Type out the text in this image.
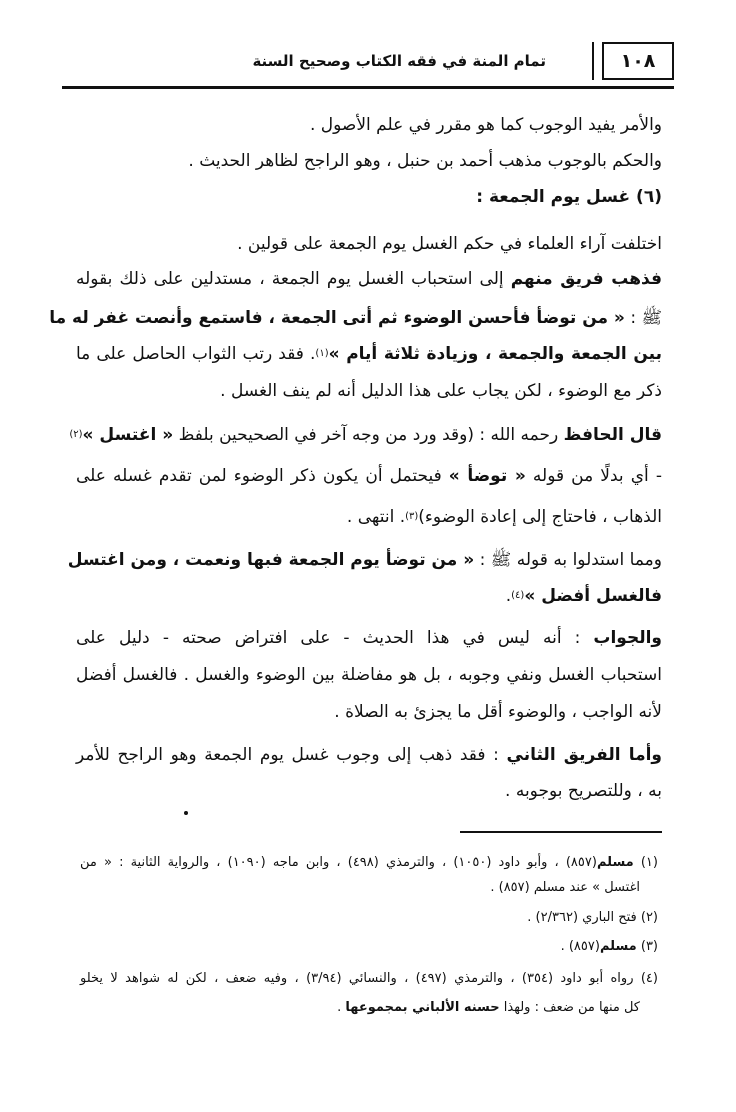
١٠٨
تمام المنة في فقه الكتاب وصحيح السنة
والأمر يفيد الوجوب كما هو مقرر في علم الأصول .
والحكم بالوجوب مذهب أحمد بن حنبل ، وهو الراجح لظاهر الحديث .
(٦) غسل يوم الجمعة :
اختلفت آراء العلماء في حكم الغسل يوم الجمعة على قولين .
فذهب فريق منهم إلى استحباب الغسل يوم الجمعة ، مستدلين على ذلك بقوله
ﷺ : « من توضأ فأحسن الوضوء ثم أتى الجمعة ، فاستمع وأنصت غفر له ما
بين الجمعة والجمعة ، وزيادة ثلاثة أيام »$^{(١)}$. فقد رتب الثواب الحاصل على ما
ذكر مع الوضوء ، لكن يجاب على هذا الدليل أنه لم ينف الغسل .
قال الحافظ رحمه الله : (وقد ورد من وجه آخر في الصحيحين بلفظ « اغتسل »$^{(٢)}$
- أي بدلًا من قوله « توضأ » فيحتمل أن يكون ذكر الوضوء لمن تقدم غسله على
الذهاب ، فاحتاج إلى إعادة الوضوء)$^{(٣)}$. انتهى .
ومما استدلوا به قوله ﷺ : « من توضأ يوم الجمعة فبها ونعمت ، ومن اغتسل
فالغسل أفضل »$^{(٤)}$.
والجواب : أنه ليس في هذا الحديث - على افتراض صحته - دليل على
استحباب الغسل ونفي وجوبه ، بل هو مفاضلة بين الوضوء والغسل . فالغسل أفضل
لأنه الواجب ، والوضوء أقل ما يجزئ به الصلاة .
وأما الفريق الثاني : فقد ذهب إلى وجوب غسل يوم الجمعة وهو الراجح للأمر
به ، وللتصريح بوجوبه .
(١) مسلم(٨٥٧) ، وأبو داود (١٠٥٠) ، والترمذي (٤٩٨) ، وابن ماجه (١٠٩٠) ، والرواية الثانية : « من
اغتسل » عند مسلم (٨٥٧) .
(٢) فتح الباري (٢/٣٦٢) .
(٣) مسلم(٨٥٧) .
(٤) رواه أبو داود (٣٥٤) ، والترمذي (٤٩٧) ، والنسائي (٣/٩٤) ، وفيه ضعف ، لكن له شواهد لا يخلو
كل منها من ضعف : ولهذا حسنه الألباني بمجموعها .
